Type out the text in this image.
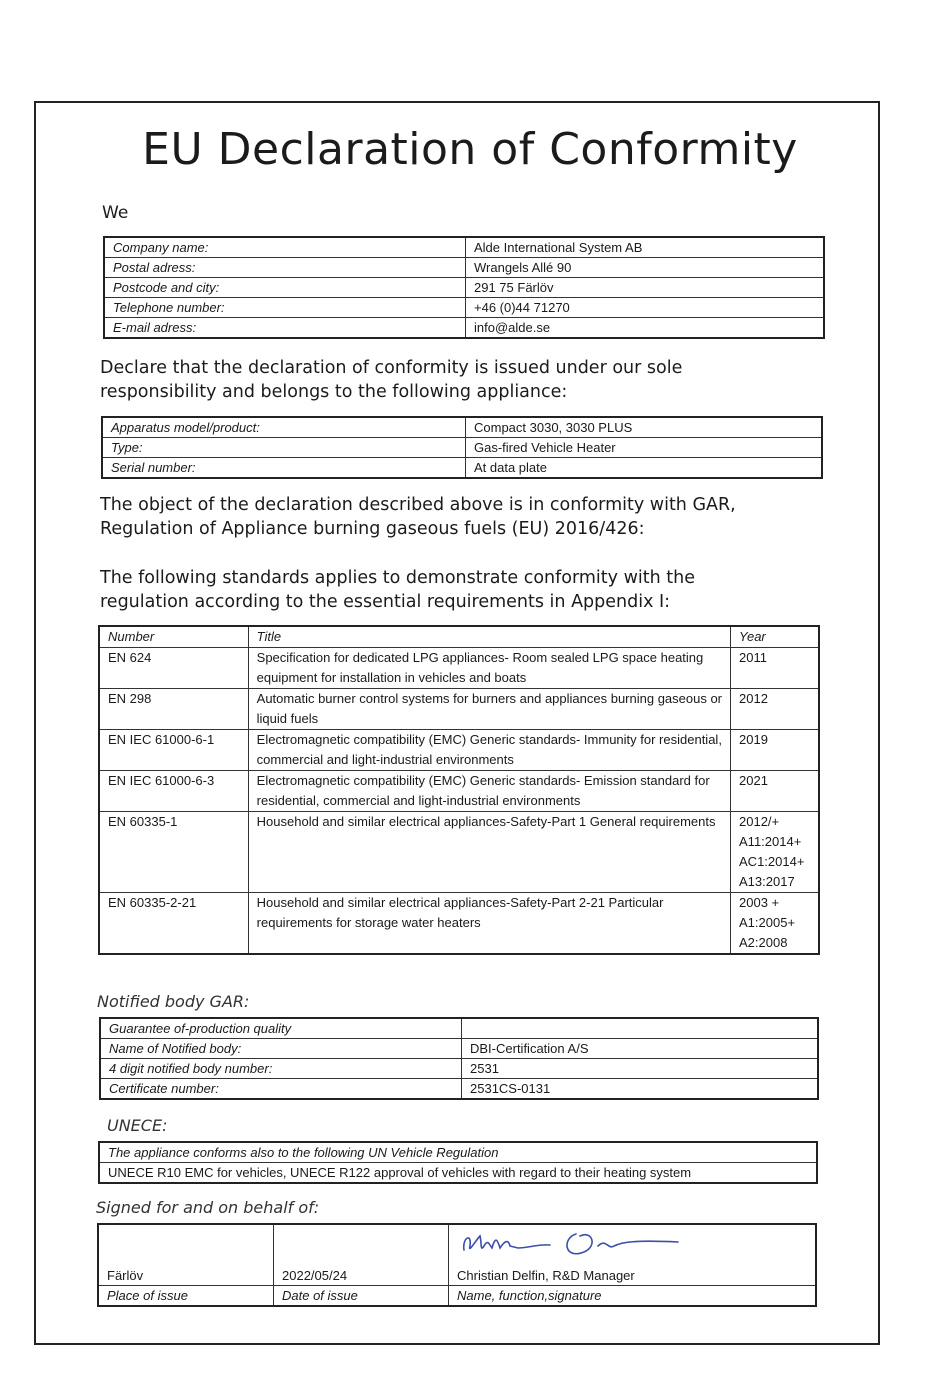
EU Declaration of Conformity
We
Company name:	Alde International System AB
Postal adress:	Wrangels Allé 90
Postcode and city:	291 75 Färlöv
Telephone number:	+46 (0)44 71270
E-mail adress:	info@alde.se
Declare that the declaration of conformity is issued under our sole responsibility and belongs to the following appliance:
Apparatus model/product:	Compact 3030, 3030 PLUS
Type:	Gas-fired Vehicle Heater
Serial number:	At data plate
The object of the declaration described above is in conformity with GAR, Regulation of Appliance burning gaseous fuels (EU) 2016/426:
The following standards applies to demonstrate conformity with the regulation according to the essential requirements in Appendix I:
Number	Title	Year
EN 624	Specification for dedicated LPG appliances- Room sealed LPG space heating equipment for installation in vehicles and boats	2011
EN 298	Automatic burner control systems for burners and appliances burning gaseous or liquid fuels	2012
EN IEC 61000-6-1	Electromagnetic compatibility (EMC) Generic standards- Immunity for residential, commercial and light-industrial environments	2019
EN IEC 61000-6-3	Electromagnetic compatibility (EMC) Generic standards- Emission standard for residential, commercial and light-industrial environments	2021
EN 60335-1	Household and similar electrical appliances-Safety-Part 1 General requirements	2012/+ A11:2014+ AC1:2014+ A13:2017
EN 60335-2-21	Household and similar electrical appliances-Safety-Part 2-21 Particular requirements for storage water heaters	2003 + A1:2005+ A2:2008
Notified body GAR:
Guarantee of-production quality	
Name of Notified body:	DBI-Certification A/S
4 digit notified body number:	2531
Certificate number:	2531CS-0131
UNECE:
The appliance conforms also to the following UN Vehicle Regulation
UNECE R10 EMC for vehicles, UNECE R122 approval of vehicles with regard to their heating system
Signed for and on behalf of:
Färlöv	2022/05/24	Christian Delfin, R&D Manager
Place of issue	Date of issue	Name, function,signature
